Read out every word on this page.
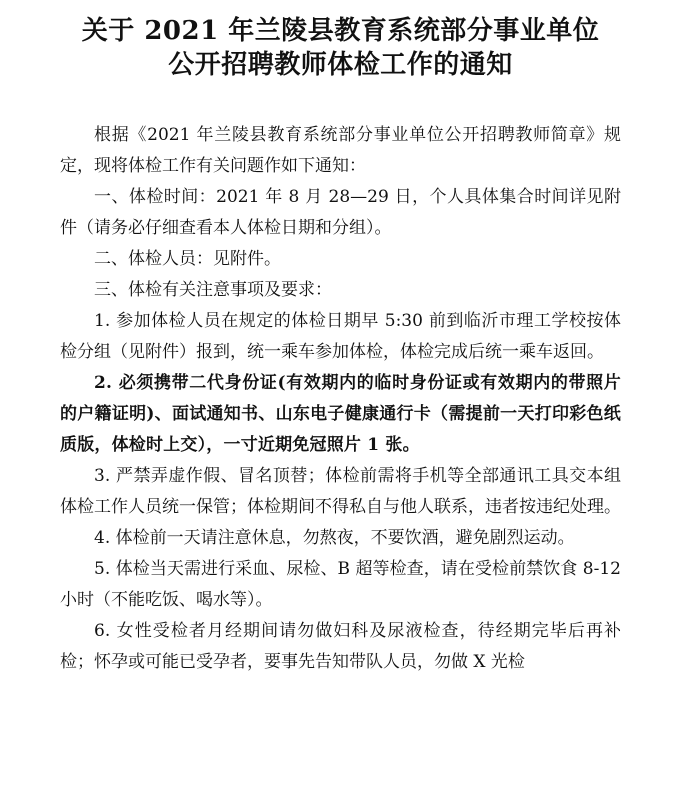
关于 2021 年兰陵县教育系统部分事业单位
公开招聘教师体检工作的通知

根据《2021 年兰陵县教育系统部分事业单位公开招聘教师简章》规定，现将体检工作有关问题作如下通知：

一、体检时间：2021 年 8 月 28—29 日，个人具体集合时间详见附件（请务必仔细查看本人体检日期和分组）。

二、体检人员：见附件。

三、体检有关注意事项及要求：

1. 参加体检人员在规定的体检日期早 5:30 前到临沂市理工学校按体检分组（见附件）报到，统一乘车参加体检，体检完成后统一乘车返回。

2. 必须携带二代身份证(有效期内的临时身份证或有效期内的带照片的户籍证明)、面试通知书、山东电子健康通行卡（需提前一天打印彩色纸质版，体检时上交），一寸近期免冠照片 1 张。

3. 严禁弄虚作假、冒名顶替；体检前需将手机等全部通讯工具交本组体检工作人员统一保管；体检期间不得私自与他人联系，违者按违纪处理。

4. 体检前一天请注意休息，勿熬夜，不要饮酒，避免剧烈运动。

5. 体检当天需进行采血、尿检、B 超等检查，请在受检前禁饮食 8-12 小时（不能吃饭、喝水等）。

6. 女性受检者月经期间请勿做妇科及尿液检查，待经期完毕后再补检；怀孕或可能已受孕者，要事先告知带队人员，勿做 X 光检
